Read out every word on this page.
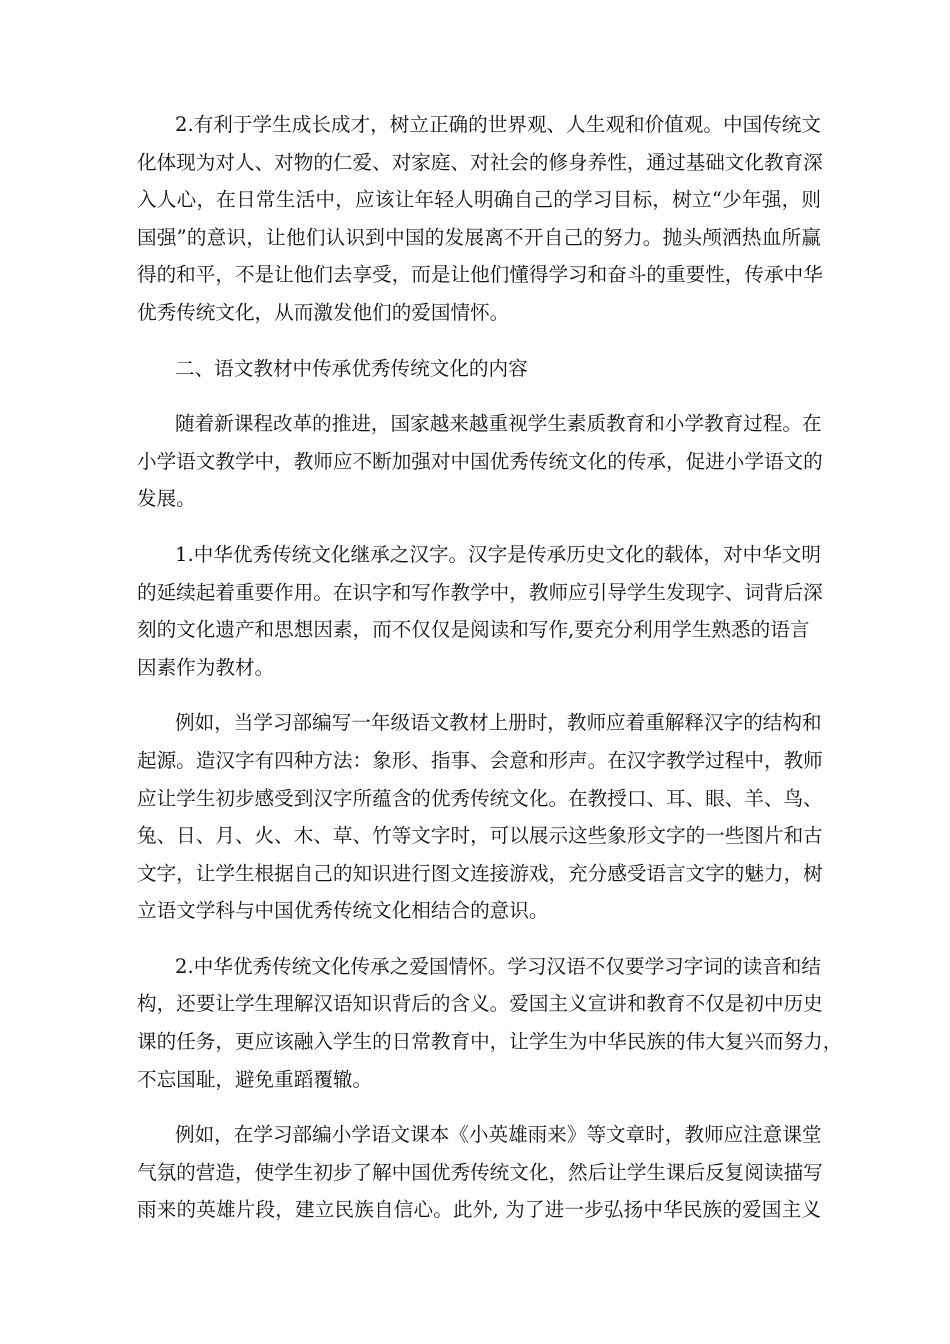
2.有利于学生成长成才，树立正确的世界观、人生观和价值观。中国传统文
化体现为对人、对物的仁爱、对家庭、对社会的修身养性，通过基础文化教育深
入人心，在日常生活中，应该让年轻人明确自己的学习目标，树立“少年强，则
国强”的意识，让他们认识到中国的发展离不开自己的努力。抛头颅洒热血所赢
得的和平，不是让他们去享受，而是让他们懂得学习和奋斗的重要性，传承中华
优秀传统文化，从而激发他们的爱国情怀。
二、语文教材中传承优秀传统文化的内容
随着新课程改革的推进，国家越来越重视学生素质教育和小学教育过程。在
小学语文教学中，教师应不断加强对中国优秀传统文化的传承，促进小学语文的
发展。
1.中华优秀传统文化继承之汉字。汉字是传承历史文化的载体，对中华文明
的延续起着重要作用。在识字和写作教学中，教师应引导学生发现字、词背后深
刻的文化遗产和思想因素，而不仅仅是阅读和写作,要充分利用学生熟悉的语言
因素作为教材。
例如，当学习部编写一年级语文教材上册时，教师应着重解释汉字的结构和
起源。造汉字有四种方法：象形、指事、会意和形声。在汉字教学过程中，教师
应让学生初步感受到汉字所蕴含的优秀传统文化。在教授口、耳、眼、羊、鸟、
兔、日、月、火、木、草、竹等文字时，可以展示这些象形文字的一些图片和古
文字，让学生根据自己的知识进行图文连接游戏，充分感受语言文字的魅力，树
立语文学科与中国优秀传统文化相结合的意识。
2.中华优秀传统文化传承之爱国情怀。学习汉语不仅要学习字词的读音和结
构，还要让学生理解汉语知识背后的含义。爱国主义宣讲和教育不仅是初中历史
课的任务，更应该融入学生的日常教育中，让学生为中华民族的伟大复兴而努力，
不忘国耻，避免重蹈覆辙。
例如，在学习部编小学语文课本《小英雄雨来》等文章时，教师应注意课堂
气氛的营造，使学生初步了解中国优秀传统文化，然后让学生课后反复阅读描写
雨来的英雄片段，建立民族自信心。此外, 为了进一步弘扬中华民族的爱国主义
